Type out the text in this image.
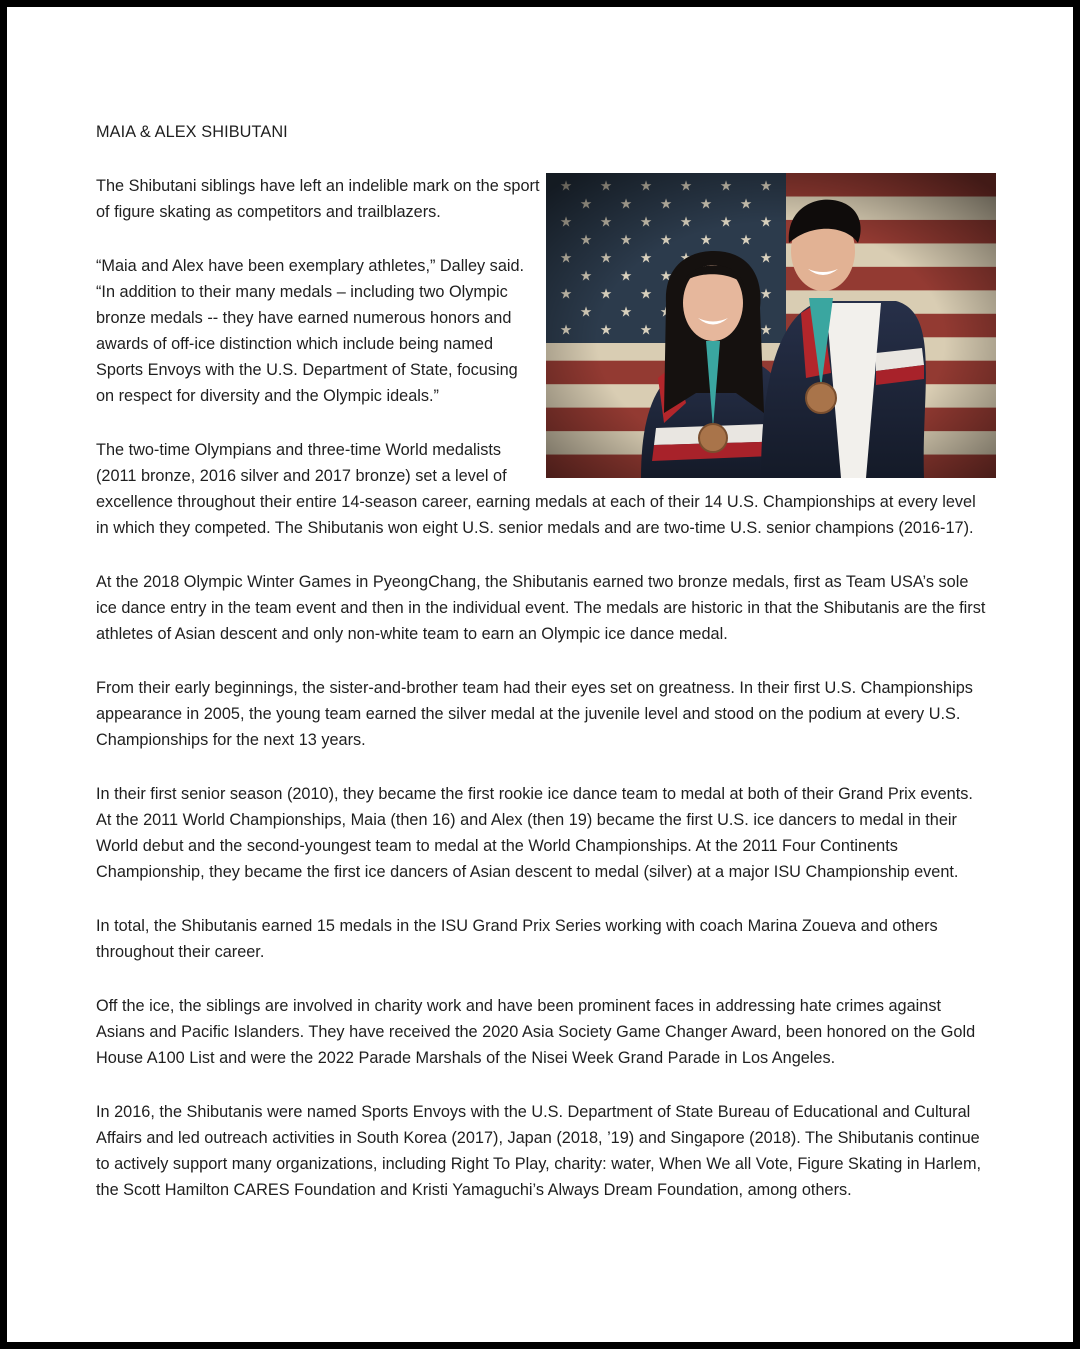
MAIA & ALEX SHIBUTANI

The Shibutani siblings have left an indelible mark on the sport of figure skating as competitors and trailblazers.

“Maia and Alex have been exemplary athletes,” Dalley said. “In addition to their many medals – including two Olympic bronze medals -- they have earned numerous honors and awards of off-ice distinction which include being named Sports Envoys with the U.S. Department of State, focusing on respect for diversity and the Olympic ideals.”

The two-time Olympians and three-time World medalists (2011 bronze, 2016 silver and 2017 bronze) set a level of excellence throughout their entire 14-season career, earning medals at each of their 14 U.S. Championships at every level in which they competed. The Shibutanis won eight U.S. senior medals and are two-time U.S. senior champions (2016-17).

At the 2018 Olympic Winter Games in PyeongChang, the Shibutanis earned two bronze medals, first as Team USA’s sole ice dance entry in the team event and then in the individual event. The medals are historic in that the Shibutanis are the first athletes of Asian descent and only non-white team to earn an Olympic ice dance medal.

From their early beginnings, the sister-and-brother team had their eyes set on greatness. In their first U.S. Championships appearance in 2005, the young team earned the silver medal at the juvenile level and stood on the podium at every U.S. Championships for the next 13 years.

In their first senior season (2010), they became the first rookie ice dance team to medal at both of their Grand Prix events. At the 2011 World Championships, Maia (then 16) and Alex (then 19) became the first U.S. ice dancers to medal in their World debut and the second-youngest team to medal at the World Championships. At the 2011 Four Continents Championship, they became the first ice dancers of Asian descent to medal (silver) at a major ISU Championship event.

In total, the Shibutanis earned 15 medals in the ISU Grand Prix Series working with coach Marina Zoueva and others throughout their career.

Off the ice, the siblings are involved in charity work and have been prominent faces in addressing hate crimes against Asians and Pacific Islanders. They have received the 2020 Asia Society Game Changer Award, been honored on the Gold House A100 List and were the 2022 Parade Marshals of the Nisei Week Grand Parade in Los Angeles.

In 2016, the Shibutanis were named Sports Envoys with the U.S. Department of State Bureau of Educational and Cultural Affairs and led outreach activities in South Korea (2017), Japan (2018, ’19) and Singapore (2018). The Shibutanis continue to actively support many organizations, including Right To Play, charity: water, When We all Vote, Figure Skating in Harlem, the Scott Hamilton CARES Foundation and Kristi Yamaguchi’s Always Dream Foundation, among others.
